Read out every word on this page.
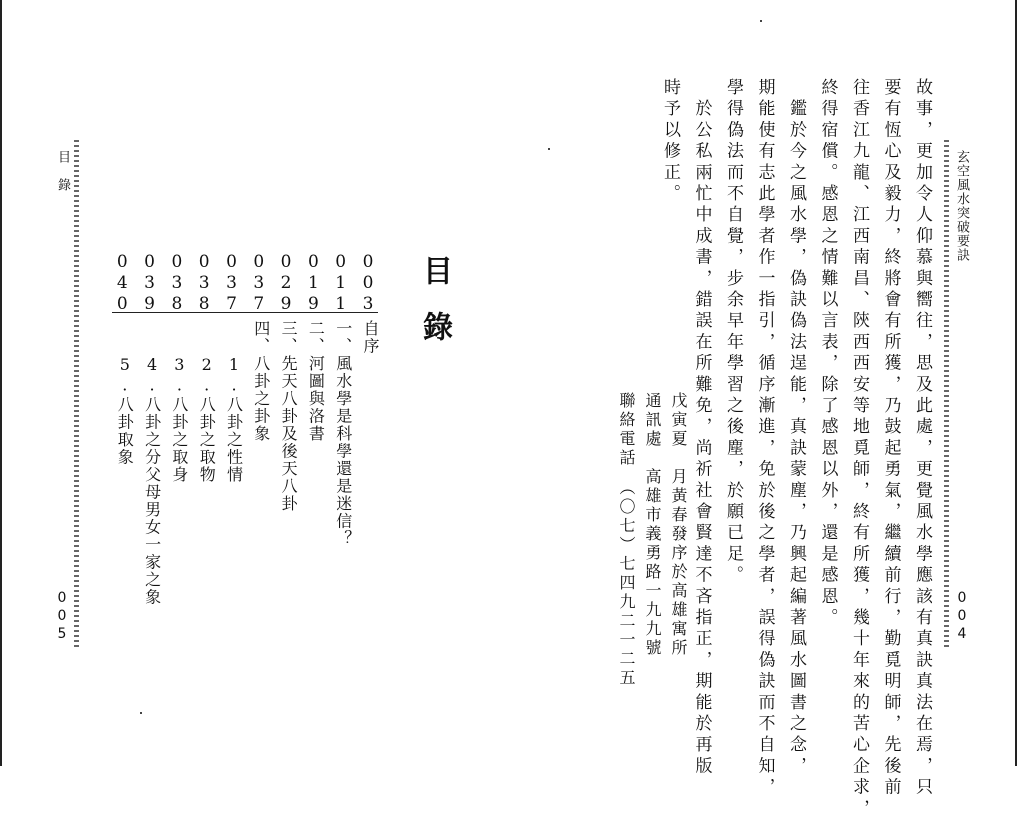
目　錄
005
目錄
003
自序
011
一、風水學是科學還是迷信？
019
二、河圖與洛書
029
三、先天八卦及後天八卦
037
四、八卦之卦象
037
　　1.八卦之性情
038
　　2.八卦之取物
038
　　3.八卦之取身
039
　　4.八卦之分父母男女一家之象
040
　　5.八卦取象
玄空風水突破要訣
004
故事，更加令人仰慕與嚮往，思及此處，更覺風水學應該有真訣真法在焉，只
要有恆心及毅力，終將會有所獲，乃鼓起勇氣，繼續前行，勤覓明師，先後前
往香江九龍、江西南昌、陝西西安等地覓師，終有所獲，幾十年來的苦心企求，
終得宿償。感恩之情難以言表，除了感恩以外，還是感恩。
　鑑於今之風水學，偽訣偽法逞能，真訣蒙塵，乃興起編著風水圖書之念，
期能使有志此學者作一指引，循序漸進，免於後之學者，誤得偽訣而不自知，
學得偽法而不自覺，步余早年學習之後塵，於願已足。
　於公私兩忙中成書，錯誤在所難免，尚祈社會賢達不吝指正，期能於再版
時予以修正。
戊寅夏　月黃春發序於高雄寓所
通訊處　高雄市義勇路一九九號
聯絡電話　（〇七）七四九二一二五
